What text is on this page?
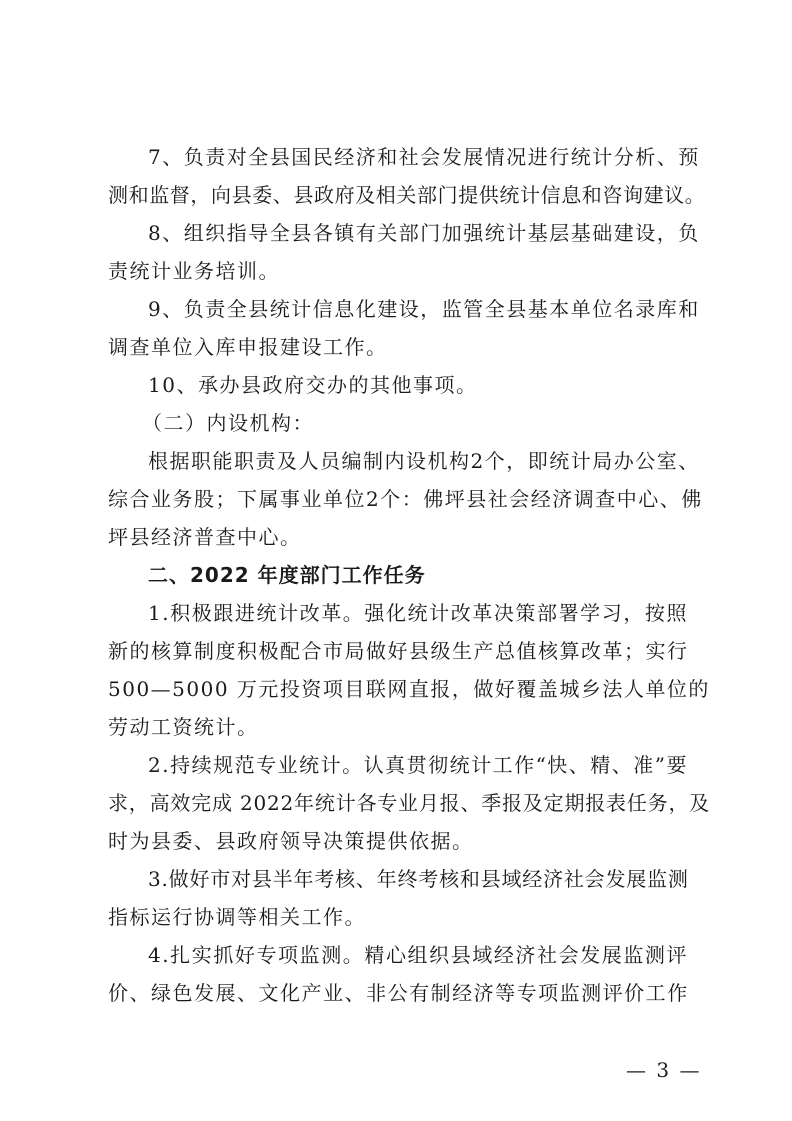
7、负责对全县国民经济和社会发展情况进行统计分析、预
测和监督，向县委、县政府及相关部门提供统计信息和咨询建议。
8、组织指导全县各镇有关部门加强统计基层基础建设，负
责统计业务培训。
9、负责全县统计信息化建设，监管全县基本单位名录库和
调查单位入库申报建设工作。
10、承办县政府交办的其他事项。
（二）内设机构：
根据职能职责及人员编制内设机构2个，即统计局办公室、
综合业务股；下属事业单位2个：佛坪县社会经济调查中心、佛
坪县经济普查中心。
二、2022 年度部门工作任务
1.积极跟进统计改革。强化统计改革决策部署学习，按照
新的核算制度积极配合市局做好县级生产总值核算改革；实行
500—5000 万元投资项目联网直报，做好覆盖城乡法人单位的
劳动工资统计。
2.持续规范专业统计。认真贯彻统计工作“快、精、准”要
求，高效完成 2022年统计各专业月报、季报及定期报表任务，及
时为县委、县政府领导决策提供依据。
3.做好市对县半年考核、年终考核和县域经济社会发展监测
指标运行协调等相关工作。
4.扎实抓好专项监测。精心组织县域经济社会发展监测评
价、绿色发展、文化产业、非公有制经济等专项监测评价工作
— 3 —
